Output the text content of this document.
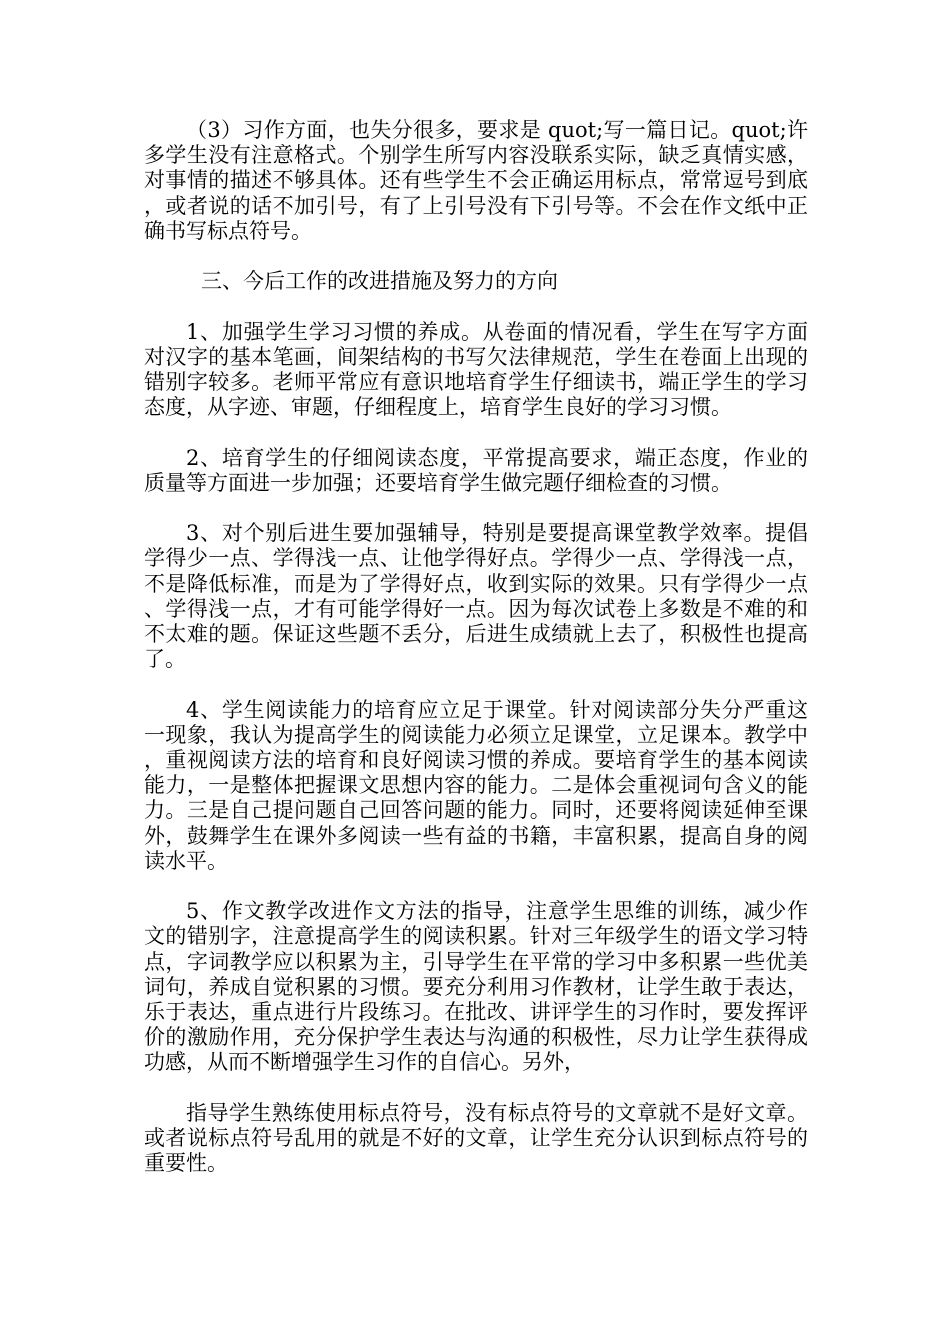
（3）习作方面，也失分很多，要求是 quot;写一篇日记。quot;许多学生没有注意格式。个别学生所写内容没联系实际，缺乏真情实感，对事情的描述不够具体。还有些学生不会正确运用标点，常常逗号到底，或者说的话不加引号，有了上引号没有下引号等。不会在作文纸中正确书写标点符号。

三、今后工作的改进措施及努力的方向

1、加强学生学习习惯的养成。从卷面的情况看，学生在写字方面对汉字的基本笔画，间架结构的书写欠法律规范，学生在卷面上出现的错别字较多。老师平常应有意识地培育学生仔细读书，端正学生的学习态度，从字迹、审题，仔细程度上，培育学生良好的学习习惯。

2、培育学生的仔细阅读态度，平常提高要求，端正态度，作业的质量等方面进一步加强；还要培育学生做完题仔细检查的习惯。

3、对个别后进生要加强辅导，特别是要提高课堂教学效率。提倡学得少一点、学得浅一点、让他学得好点。学得少一点、学得浅一点，不是降低标准，而是为了学得好点，收到实际的效果。只有学得少一点、学得浅一点，才有可能学得好一点。因为每次试卷上多数是不难的和不太难的题。保证这些题不丢分，后进生成绩就上去了，积极性也提高了。

4、学生阅读能力的培育应立足于课堂。针对阅读部分失分严重这一现象，我认为提高学生的阅读能力必须立足课堂，立足课本。教学中，重视阅读方法的培育和良好阅读习惯的养成。要培育学生的基本阅读能力，一是整体把握课文思想内容的能力。二是体会重视词句含义的能力。三是自己提问题自己回答问题的能力。同时，还要将阅读延伸至课外，鼓舞学生在课外多阅读一些有益的书籍，丰富积累，提高自身的阅读水平。

5、作文教学改进作文方法的指导，注意学生思维的训练，减少作文的错别字，注意提高学生的阅读积累。针对三年级学生的语文学习特点，字词教学应以积累为主，引导学生在平常的学习中多积累一些优美词句，养成自觉积累的习惯。要充分利用习作教材，让学生敢于表达，乐于表达，重点进行片段练习。在批改、讲评学生的习作时，要发挥评价的激励作用，充分保护学生表达与沟通的积极性，尽力让学生获得成功感，从而不断增强学生习作的自信心。另外，

指导学生熟练使用标点符号，没有标点符号的文章就不是好文章。或者说标点符号乱用的就是不好的文章，让学生充分认识到标点符号的重要性。
